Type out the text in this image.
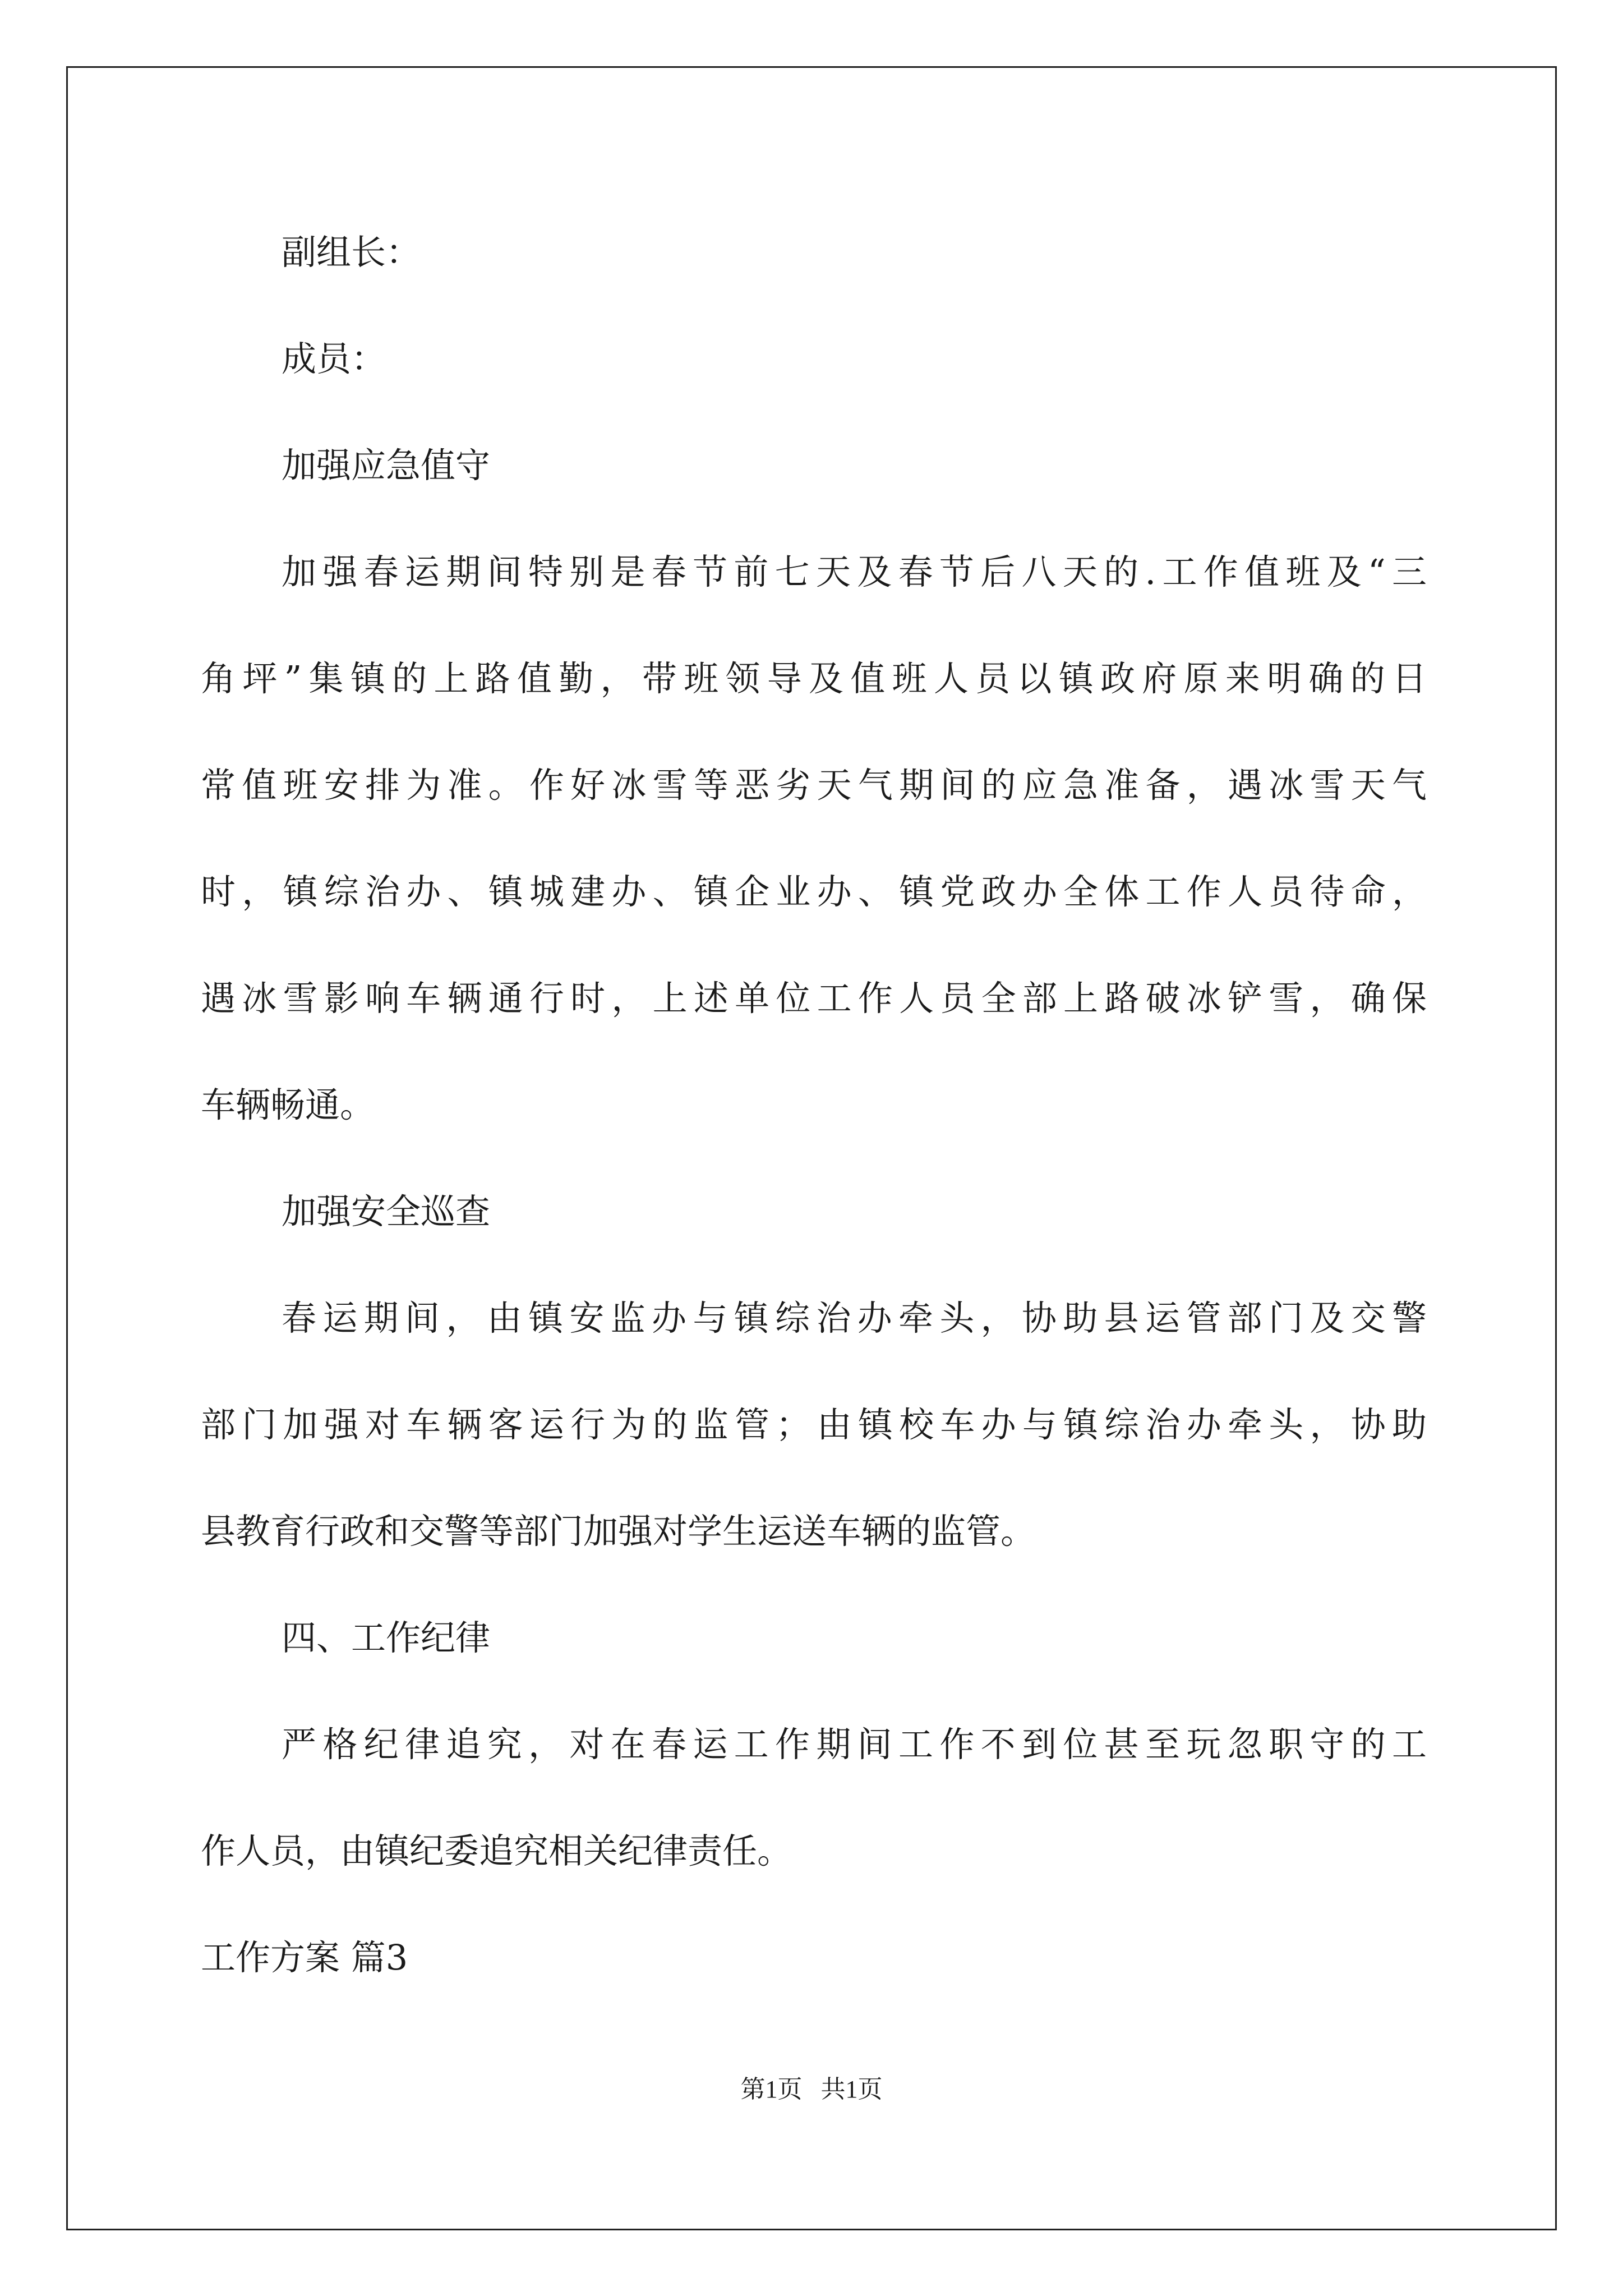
副组长：
成员：
加强应急值守
加强春运期间特别是春节前七天及春节后八天的.工作值班及“三
角坪”集镇的上路值勤，带班领导及值班人员以镇政府原来明确的日
常值班安排为准。作好冰雪等恶劣天气期间的应急准备，遇冰雪天气
时，镇综治办、镇城建办、镇企业办、镇党政办全体工作人员待命，
遇冰雪影响车辆通行时，上述单位工作人员全部上路破冰铲雪，确保
车辆畅通。
加强安全巡查
春运期间，由镇安监办与镇综治办牵头，协助县运管部门及交警
部门加强对车辆客运行为的监管；由镇校车办与镇综治办牵头，协助
县教育行政和交警等部门加强对学生运送车辆的监管。
四、工作纪律
严格纪律追究，对在春运工作期间工作不到位甚至玩忽职守的工
作人员，由镇纪委追究相关纪律责任。
工作方案 篇3
第1页   共1页
